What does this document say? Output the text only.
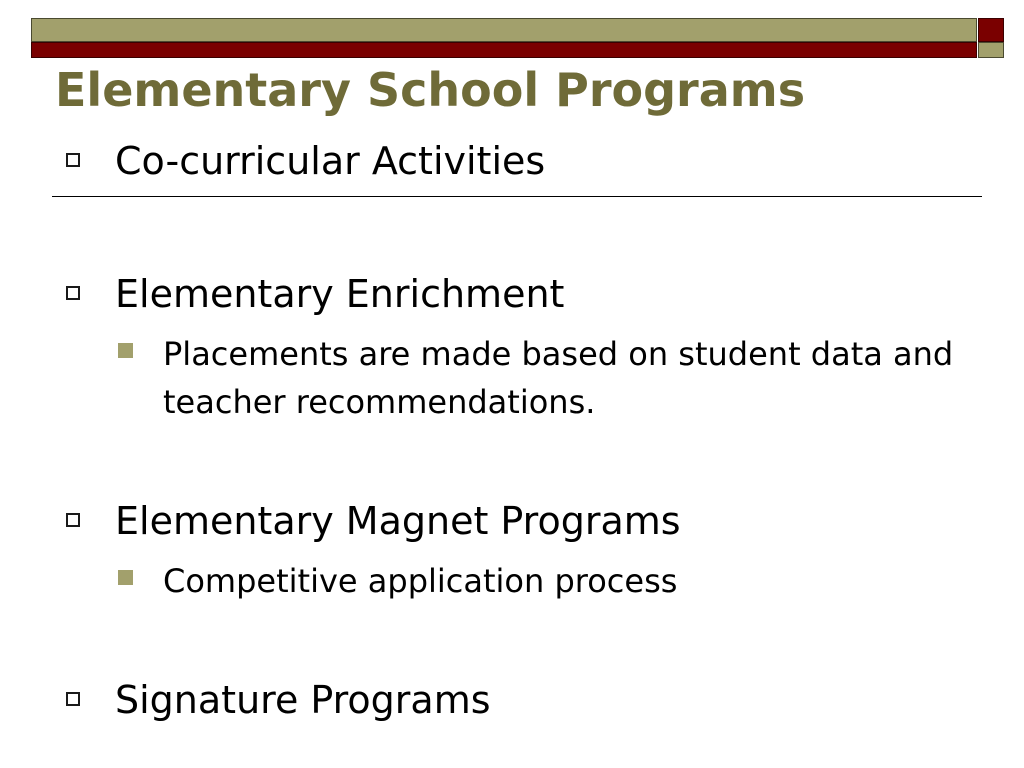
Elementary School Programs
Co-curricular Activities
Elementary Enrichment
Placements are made based on student data and teacher recommendations.
Elementary Magnet Programs
Competitive application process
Signature Programs
